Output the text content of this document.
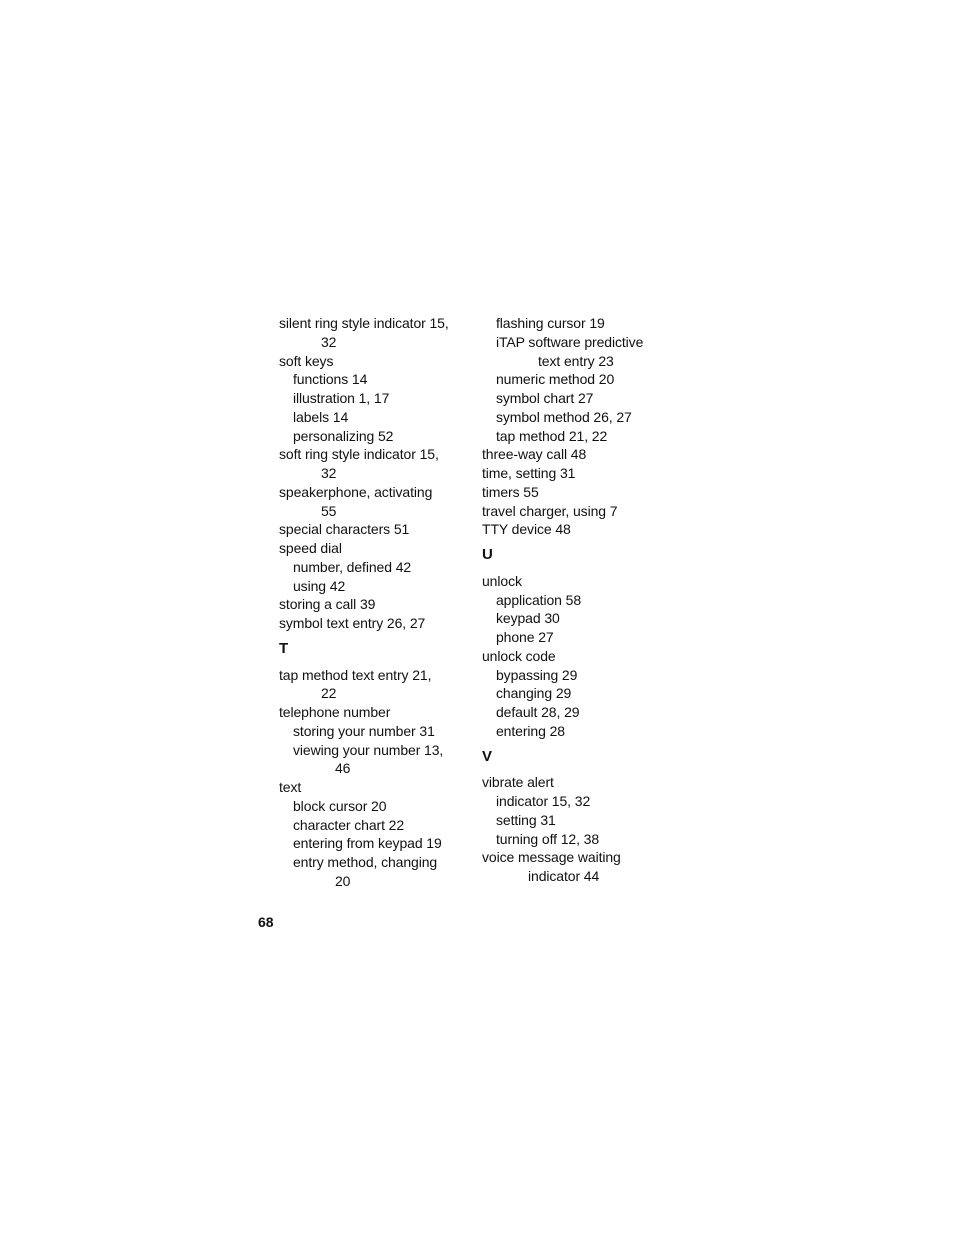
silent ring style indicator 15,
32
soft keys
functions 14
illustration 1, 17
labels 14
personalizing 52
soft ring style indicator 15,
32
speakerphone, activating
55
special characters 51
speed dial
number, defined 42
using 42
storing a call 39
symbol text entry 26, 27
T
tap method text entry 21,
22
telephone number
storing your number 31
viewing your number 13,
46
text
block cursor 20
character chart 22
entering from keypad 19
entry method, changing
20
flashing cursor 19
iTAP software predictive
text entry 23
numeric method 20
symbol chart 27
symbol method 26, 27
tap method 21, 22
three-way call 48
time, setting 31
timers 55
travel charger, using 7
TTY device 48
U
unlock
application 58
keypad 30
phone 27
unlock code
bypassing 29
changing 29
default 28, 29
entering 28
V
vibrate alert
indicator 15, 32
setting 31
turning off 12, 38
voice message waiting
indicator 44
68
